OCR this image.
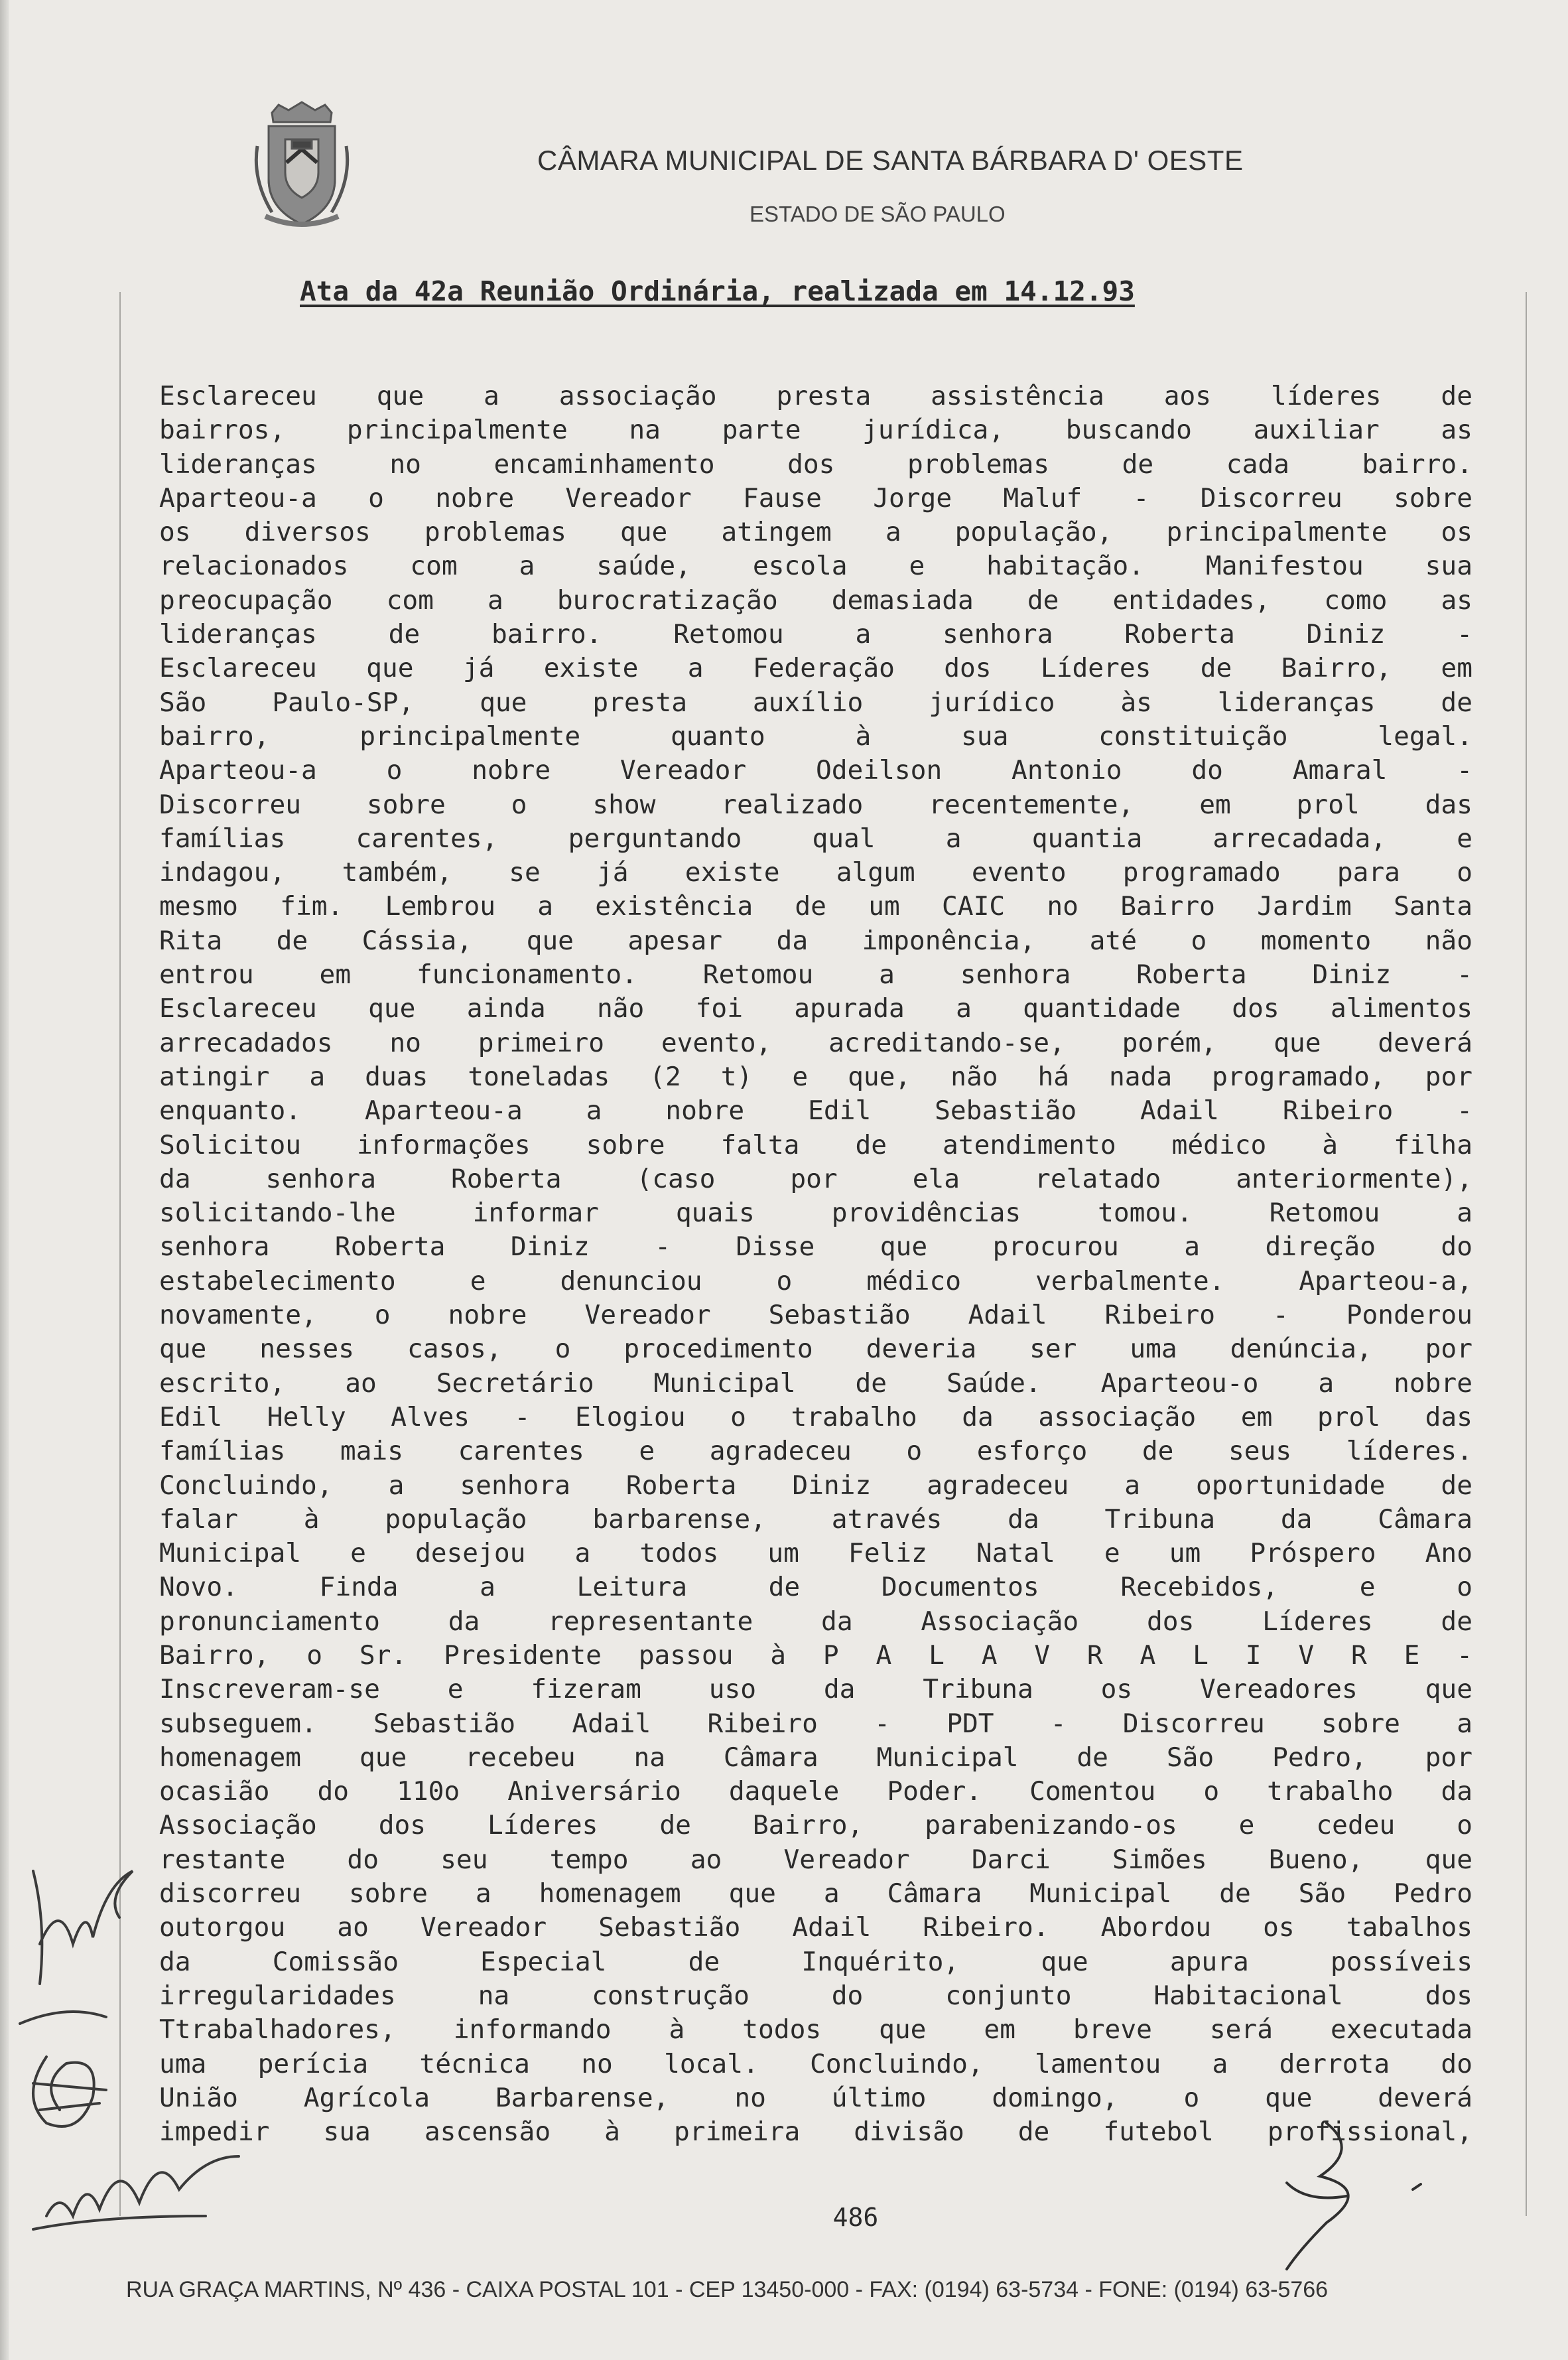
CÂMARA MUNICIPAL DE SANTA BÁRBARA D' OESTE
ESTADO DE SÃO PAULO
Ata da 42a Reunião Ordinária, realizada em 14.12.93
Esclareceu que a associação presta assistência aos líderes de
bairros, principalmente na parte jurídica, buscando auxiliar as
lideranças no encaminhamento dos problemas de cada bairro.
Aparteou-a o nobre Vereador Fause Jorge Maluf - Discorreu sobre
os diversos problemas que atingem a população, principalmente os
relacionados com a saúde, escola e habitação. Manifestou sua
preocupação com a burocratização demasiada de entidades, como as
lideranças de bairro. Retomou a senhora Roberta Diniz -
Esclareceu que já existe a Federação dos Líderes de Bairro, em
São Paulo-SP, que presta auxílio jurídico às lideranças de
bairro, principalmente quanto à sua constituição legal.
Aparteou-a o nobre Vereador Odeilson Antonio do Amaral -
Discorreu sobre o show realizado recentemente, em prol das
famílias carentes, perguntando qual a quantia arrecadada, e
indagou, também, se já existe algum evento programado para o
mesmo fim. Lembrou a existência de um CAIC no Bairro Jardim Santa
Rita de Cássia, que apesar da imponência, até o momento não
entrou em funcionamento. Retomou a senhora Roberta Diniz -
Esclareceu que ainda não foi apurada a quantidade dos alimentos
arrecadados no primeiro evento, acreditando-se, porém, que deverá
atingir a duas toneladas (2 t) e que, não há nada programado, por
enquanto. Aparteou-a a nobre Edil Sebastião Adail Ribeiro -
Solicitou informações sobre falta de atendimento médico à filha
da senhora Roberta (caso por ela relatado anteriormente),
solicitando-lhe informar quais providências tomou. Retomou a
senhora Roberta Diniz - Disse que procurou a direção do
estabelecimento e denunciou o médico verbalmente. Aparteou-a,
novamente, o nobre Vereador Sebastião Adail Ribeiro - Ponderou
que nesses casos, o procedimento deveria ser uma denúncia, por
escrito, ao Secretário Municipal de Saúde. Aparteou-o a nobre
Edil Helly Alves - Elogiou o trabalho da associação em prol das
famílias mais carentes e agradeceu o esforço de seus líderes.
Concluindo, a senhora Roberta Diniz agradeceu a oportunidade de
falar à população barbarense, através da Tribuna da Câmara
Municipal e desejou a todos um Feliz Natal e um Próspero Ano
Novo. Finda a Leitura de Documentos Recebidos, e o
pronunciamento da representante da Associação dos Líderes de
Bairro, o Sr. Presidente passou à P A L A V R A L I V R E -
Inscreveram-se e fizeram uso da Tribuna os Vereadores que
subseguem. Sebastião Adail Ribeiro - PDT - Discorreu sobre a
homenagem que recebeu na Câmara Municipal de São Pedro, por
ocasião do 110o Aniversário daquele Poder. Comentou o trabalho da
Associação dos Líderes de Bairro, parabenizando-os e cedeu o
restante do seu tempo ao Vereador Darci Simões Bueno, que
discorreu sobre a homenagem que a Câmara Municipal de São Pedro
outorgou ao Vereador Sebastião Adail Ribeiro. Abordou os tabalhos
da Comissão Especial de Inquérito, que apura possíveis
irregularidades na construção do conjunto Habitacional dos
Ttrabalhadores, informando à todos que em breve será executada
uma perícia técnica no local. Concluindo, lamentou a derrota do
União Agrícola Barbarense, no último domingo, o que deverá
impedir sua ascensão à primeira divisão de futebol profissional,
486
RUA GRAÇA MARTINS, Nº 436 - CAIXA POSTAL 101 - CEP 13450-000 - FAX: (0194) 63-5734 - FONE: (0194) 63-5766
